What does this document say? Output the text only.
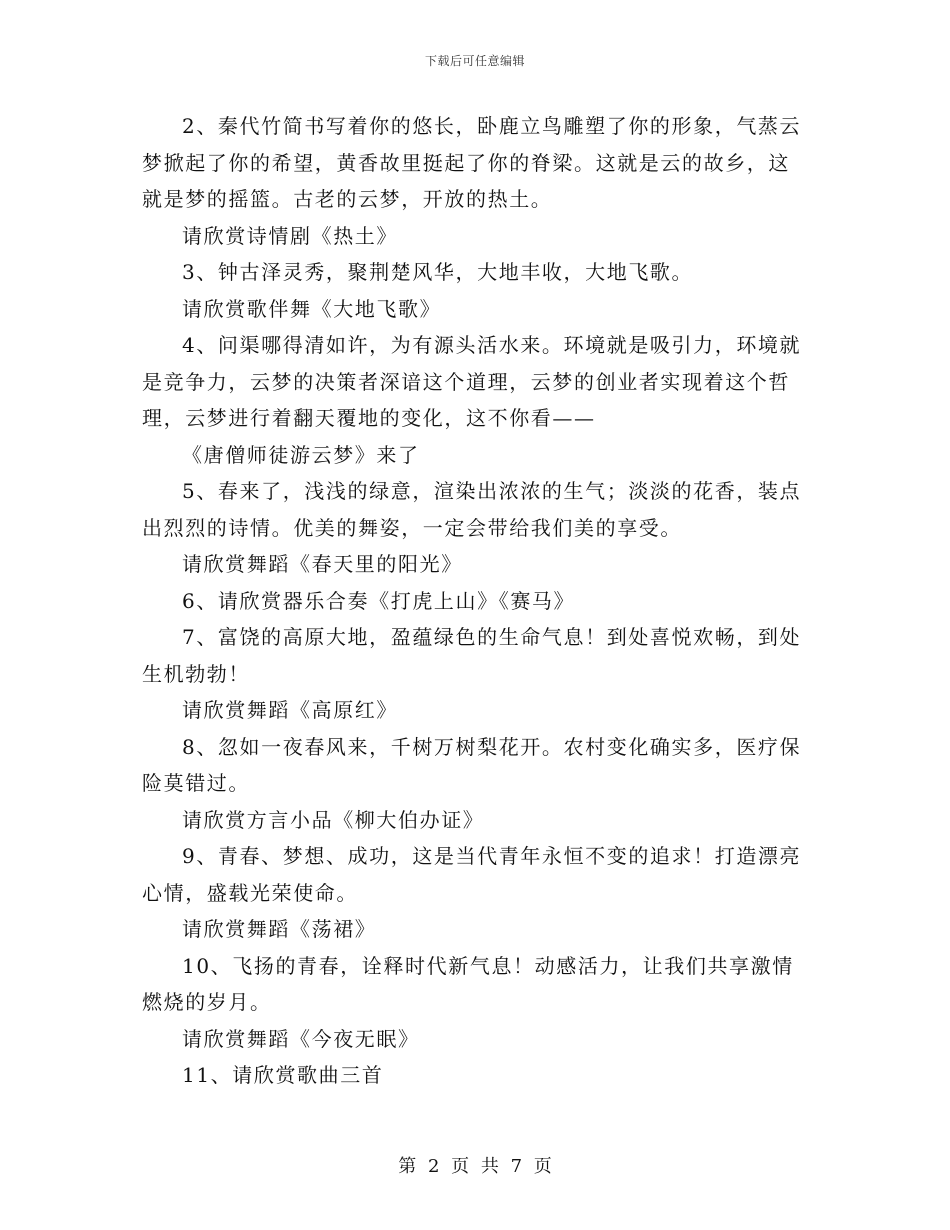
下载后可任意编辑

2、秦代竹简书写着你的悠长，卧鹿立鸟雕塑了你的形象，气蒸云梦掀起了你的希望，黄香故里挺起了你的脊梁。这就是云的故乡，这就是梦的摇篮。古老的云梦，开放的热土。

请欣赏诗情剧《热土》

3、钟古泽灵秀，聚荆楚风华，大地丰收，大地飞歌。

请欣赏歌伴舞《大地飞歌》

4、问渠哪得清如许，为有源头活水来。环境就是吸引力，环境就是竞争力，云梦的决策者深谙这个道理，云梦的创业者实现着这个哲理，云梦进行着翻天覆地的变化，这不你看——

《唐僧师徒游云梦》来了

5、春来了，浅浅的绿意，渲染出浓浓的生气；淡淡的花香，装点出烈烈的诗情。优美的舞姿，一定会带给我们美的享受。

请欣赏舞蹈《春天里的阳光》

6、请欣赏器乐合奏《打虎上山》《赛马》

7、富饶的高原大地，盈蕴绿色的生命气息！到处喜悦欢畅，到处生机勃勃！

请欣赏舞蹈《高原红》

8、忽如一夜春风来，千树万树梨花开。农村变化确实多，医疗保险莫错过。

请欣赏方言小品《柳大伯办证》

9、青春、梦想、成功，这是当代青年永恒不变的追求！打造漂亮心情，盛载光荣使命。

请欣赏舞蹈《荡裙》

10、飞扬的青春，诠释时代新气息！动感活力，让我们共享激情燃烧的岁月。

请欣赏舞蹈《今夜无眠》

11、请欣赏歌曲三首

第 2 页 共 7 页
